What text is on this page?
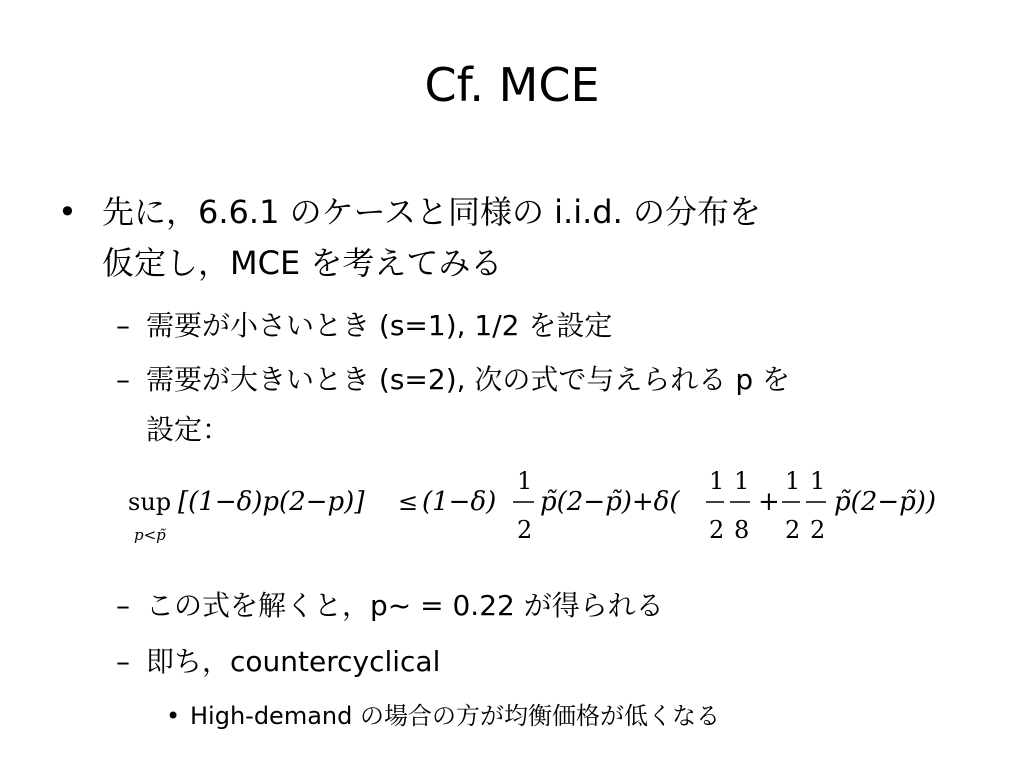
Cf. MCE
• 先に，6.6.1 のケースと同様の i.i.d. の分布を
仮定し，MCE を考えてみる
– 需要が小さいとき (s=1), 1/2 を設定
– 需要が大きいとき (s=2), 次の式で与えられる p を
設定：
sup
p<p̃
[(1−δ)p(2−p)] ≤ (1−δ)
1
2
p̃(2−p̃)+δ(
1
2
1
8
+
1
2
1
2
p̃(2−p̃))
– この式を解くと，p~ = 0.22 が得られる
– 即ち，countercyclical
• High-demand の場合の方が均衡価格が低くなる
